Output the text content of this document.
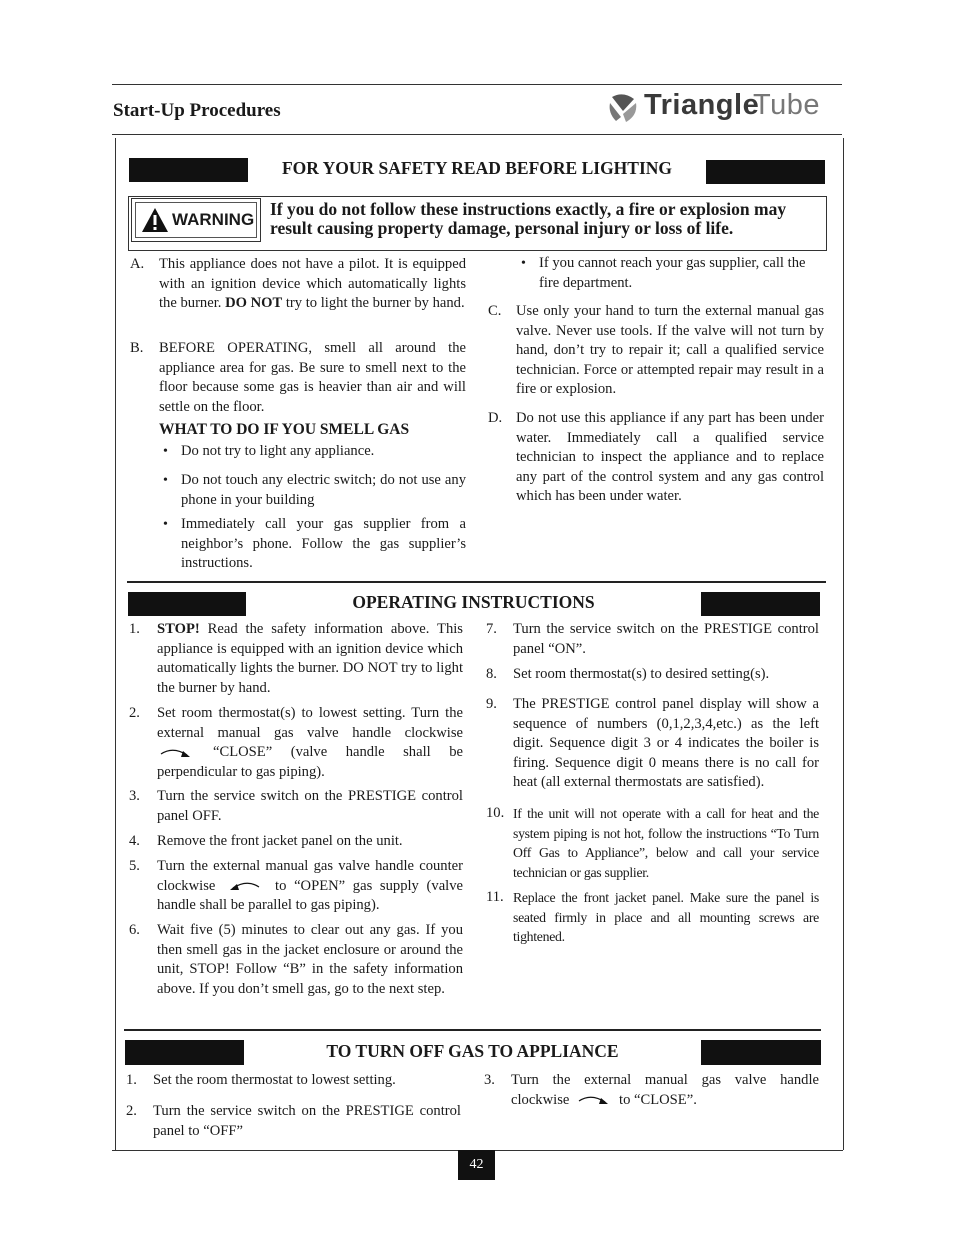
Start-Up Procedures	Triangle
Tube
FOR YOUR SAFETY READ BEFORE LIGHTING
WARNING
If you do not follow these instructions exactly, a fire or explosion may result causing property damage, personal injury or loss of life.
A. This appliance does not have a pilot. It is equipped with an ignition device which automatically lights the burner. DO NOT try to light the burner by hand.
B. BEFORE OPERATING, smell all around the appliance area for gas. Be sure to smell next to the floor because some gas is heavier than air and will settle on the floor.
WHAT TO DO IF YOU SMELL GAS
• Do not try to light any appliance.
• Do not touch any electric switch; do not use any phone in your building
• Immediately call your gas supplier from a neighbor’s phone. Follow the gas supplier’s instructions.
• If you cannot reach your gas supplier, call the fire department.
C. Use only your hand to turn the external manual gas valve. Never use tools. If the valve will not turn by hand, don’t try to repair it; call a qualified service technician. Force or attempted repair may result in a fire or explosion.
D. Do not use this appliance if any part has been under water. Immediately call a qualified service technician to inspect the appliance and to replace any part of the control system and any gas control which has been under water.
OPERATING INSTRUCTIONS
1. STOP! Read the safety information above. This appliance is equipped with an ignition device which automatically lights the burner. DO NOT try to light the burner by hand.
2. Set room thermostat(s) to lowest setting. Turn the external manual gas valve handle clockwise
“CLOSE” (valve handle shall be perpendicular to gas piping).
3. Turn the service switch on the PRESTIGE control panel OFF.
4. Remove the front jacket panel on the unit.
5. Turn the external manual gas valve handle counter clockwise	to “OPEN” gas supply (valve handle shall be parallel to gas piping).
6. Wait five (5) minutes to clear out any gas. If you then smell gas in the jacket enclosure or around the unit, STOP! Follow “B” in the safety information above. If you don’t smell gas, go to the next step.
7. Turn the service switch on the PRESTIGE control panel “ON”.
8. Set room thermostat(s) to desired setting(s).
9. The PRESTIGE control panel display will show a sequence of numbers (0,1,2,3,4,etc.) as the left digit. Sequence digit 3 or 4 indicates the boiler is firing. Sequence digit 0 means there is no call for heat (all external thermostats are satisfied).
10. If the unit will not operate with a call for heat and the system piping is not hot, follow the instructions “To Turn Off Gas to Appliance”, below and call your service technician or gas supplier.
11. Replace the front jacket panel. Make sure the panel is seated firmly in place and all mounting screws are tightened.
TO TURN OFF GAS TO APPLIANCE
1. Set the room thermostat to lowest setting.
2. Turn the service switch on the PRESTIGE control panel to “OFF”
3. Turn the external manual gas valve handle clockwise	to “CLOSE”.
42
